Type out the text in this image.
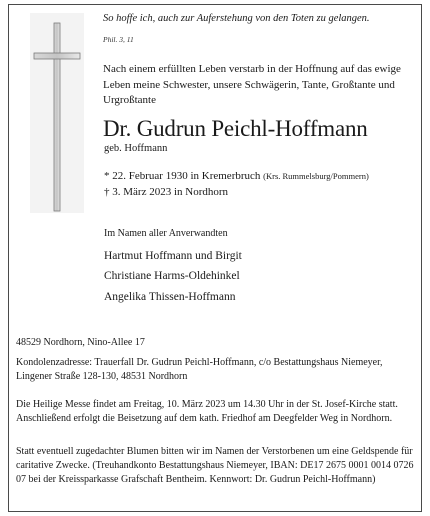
So hoffe ich, auch zur Auferstehung von den Toten zu gelangen.
Phil. 3, 11
Nach einem erfüllten Leben verstarb in der Hoffnung auf das ewige Leben meine Schwester, unsere Schwägerin, Tante, Großtante und Urgroßtante
Dr. Gudrun Peichl-Hoffmann
geb. Hoffmann
* 22. Februar 1930 in Kremerbruch (Krs. Rummelsburg/Pommern)
† 3. März 2023 in Nordhorn
Im Namen aller Anverwandten
Hartmut Hoffmann und Birgit
Christiane Harms-Oldehinkel
Angelika Thissen-Hoffmann
48529 Nordhorn, Nino-Allee 17
Kondolenzadresse: Trauerfall Dr. Gudrun Peichl-Hoffmann, c/o Bestattungshaus Niemeyer, Lingener Straße 128-130, 48531 Nordhorn
Die Heilige Messe findet am Freitag, 10. März 2023 um 14.30 Uhr in der St. Josef-Kirche statt. Anschließend erfolgt die Beisetzung auf dem kath. Friedhof am Deegfelder Weg in Nordhorn.
Statt eventuell zugedachter Blumen bitten wir im Namen der Verstorbenen um eine Geldspende für caritative Zwecke. (Treuhandkonto Bestattungshaus Niemeyer, IBAN: DE17 2675 0001 0014 0726 07 bei der Kreissparkasse Grafschaft Bentheim. Kennwort: Dr. Gudrun Peichl-Hoffmann)
